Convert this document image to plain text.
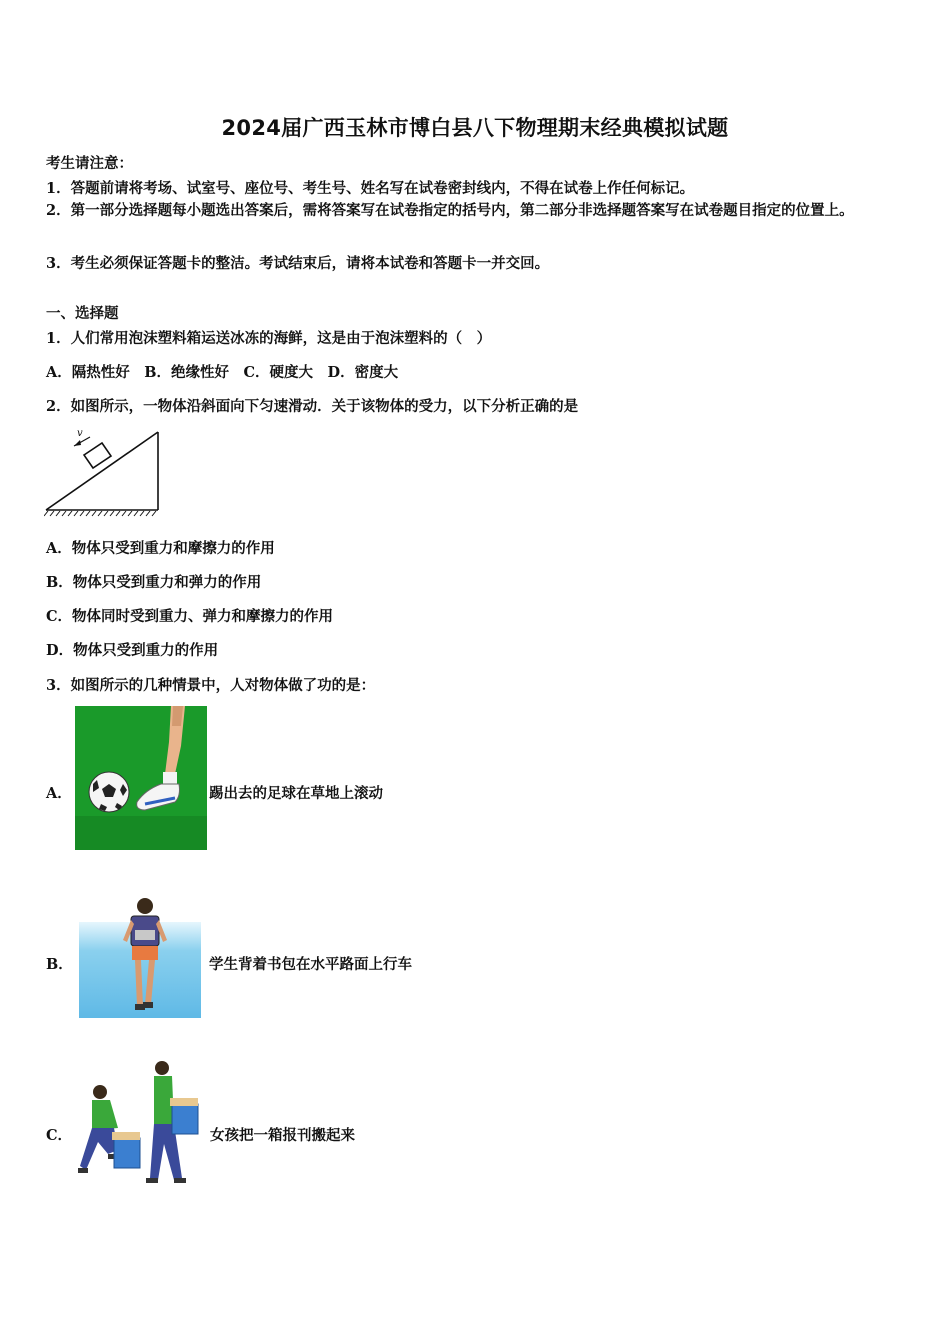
2024届广西玉林市博白县八下物理期末经典模拟试题
考生请注意：
1．答题前请将考场、试室号、座位号、考生号、姓名写在试卷密封线内，不得在试卷上作任何标记。
2．第一部分选择题每小题选出答案后，需将答案写在试卷指定的括号内，第二部分非选择题答案写在试卷题目指定的位置上。
3．考生必须保证答题卡的整洁。考试结束后，请将本试卷和答题卡一并交回。
一、选择题
1．人们常用泡沫塑料箱运送冰冻的海鲜，这是由于泡沫塑料的（　）
A．隔热性好　B．绝缘性好　C．硬度大　D．密度大
2．如图所示，一物体沿斜面向下匀速滑动．关于该物体的受力，以下分析正确的是
v
A．物体只受到重力和摩擦力的作用
B．物体只受到重力和弹力的作用
C．物体同时受到重力、弹力和摩擦力的作用
D．物体只受到重力的作用
3．如图所示的几种情景中，人对物体做了功的是：
A．	踢出去的足球在草地上滚动
B．	学生背着书包在水平路面上行车
C．	女孩把一箱报刊搬起来
